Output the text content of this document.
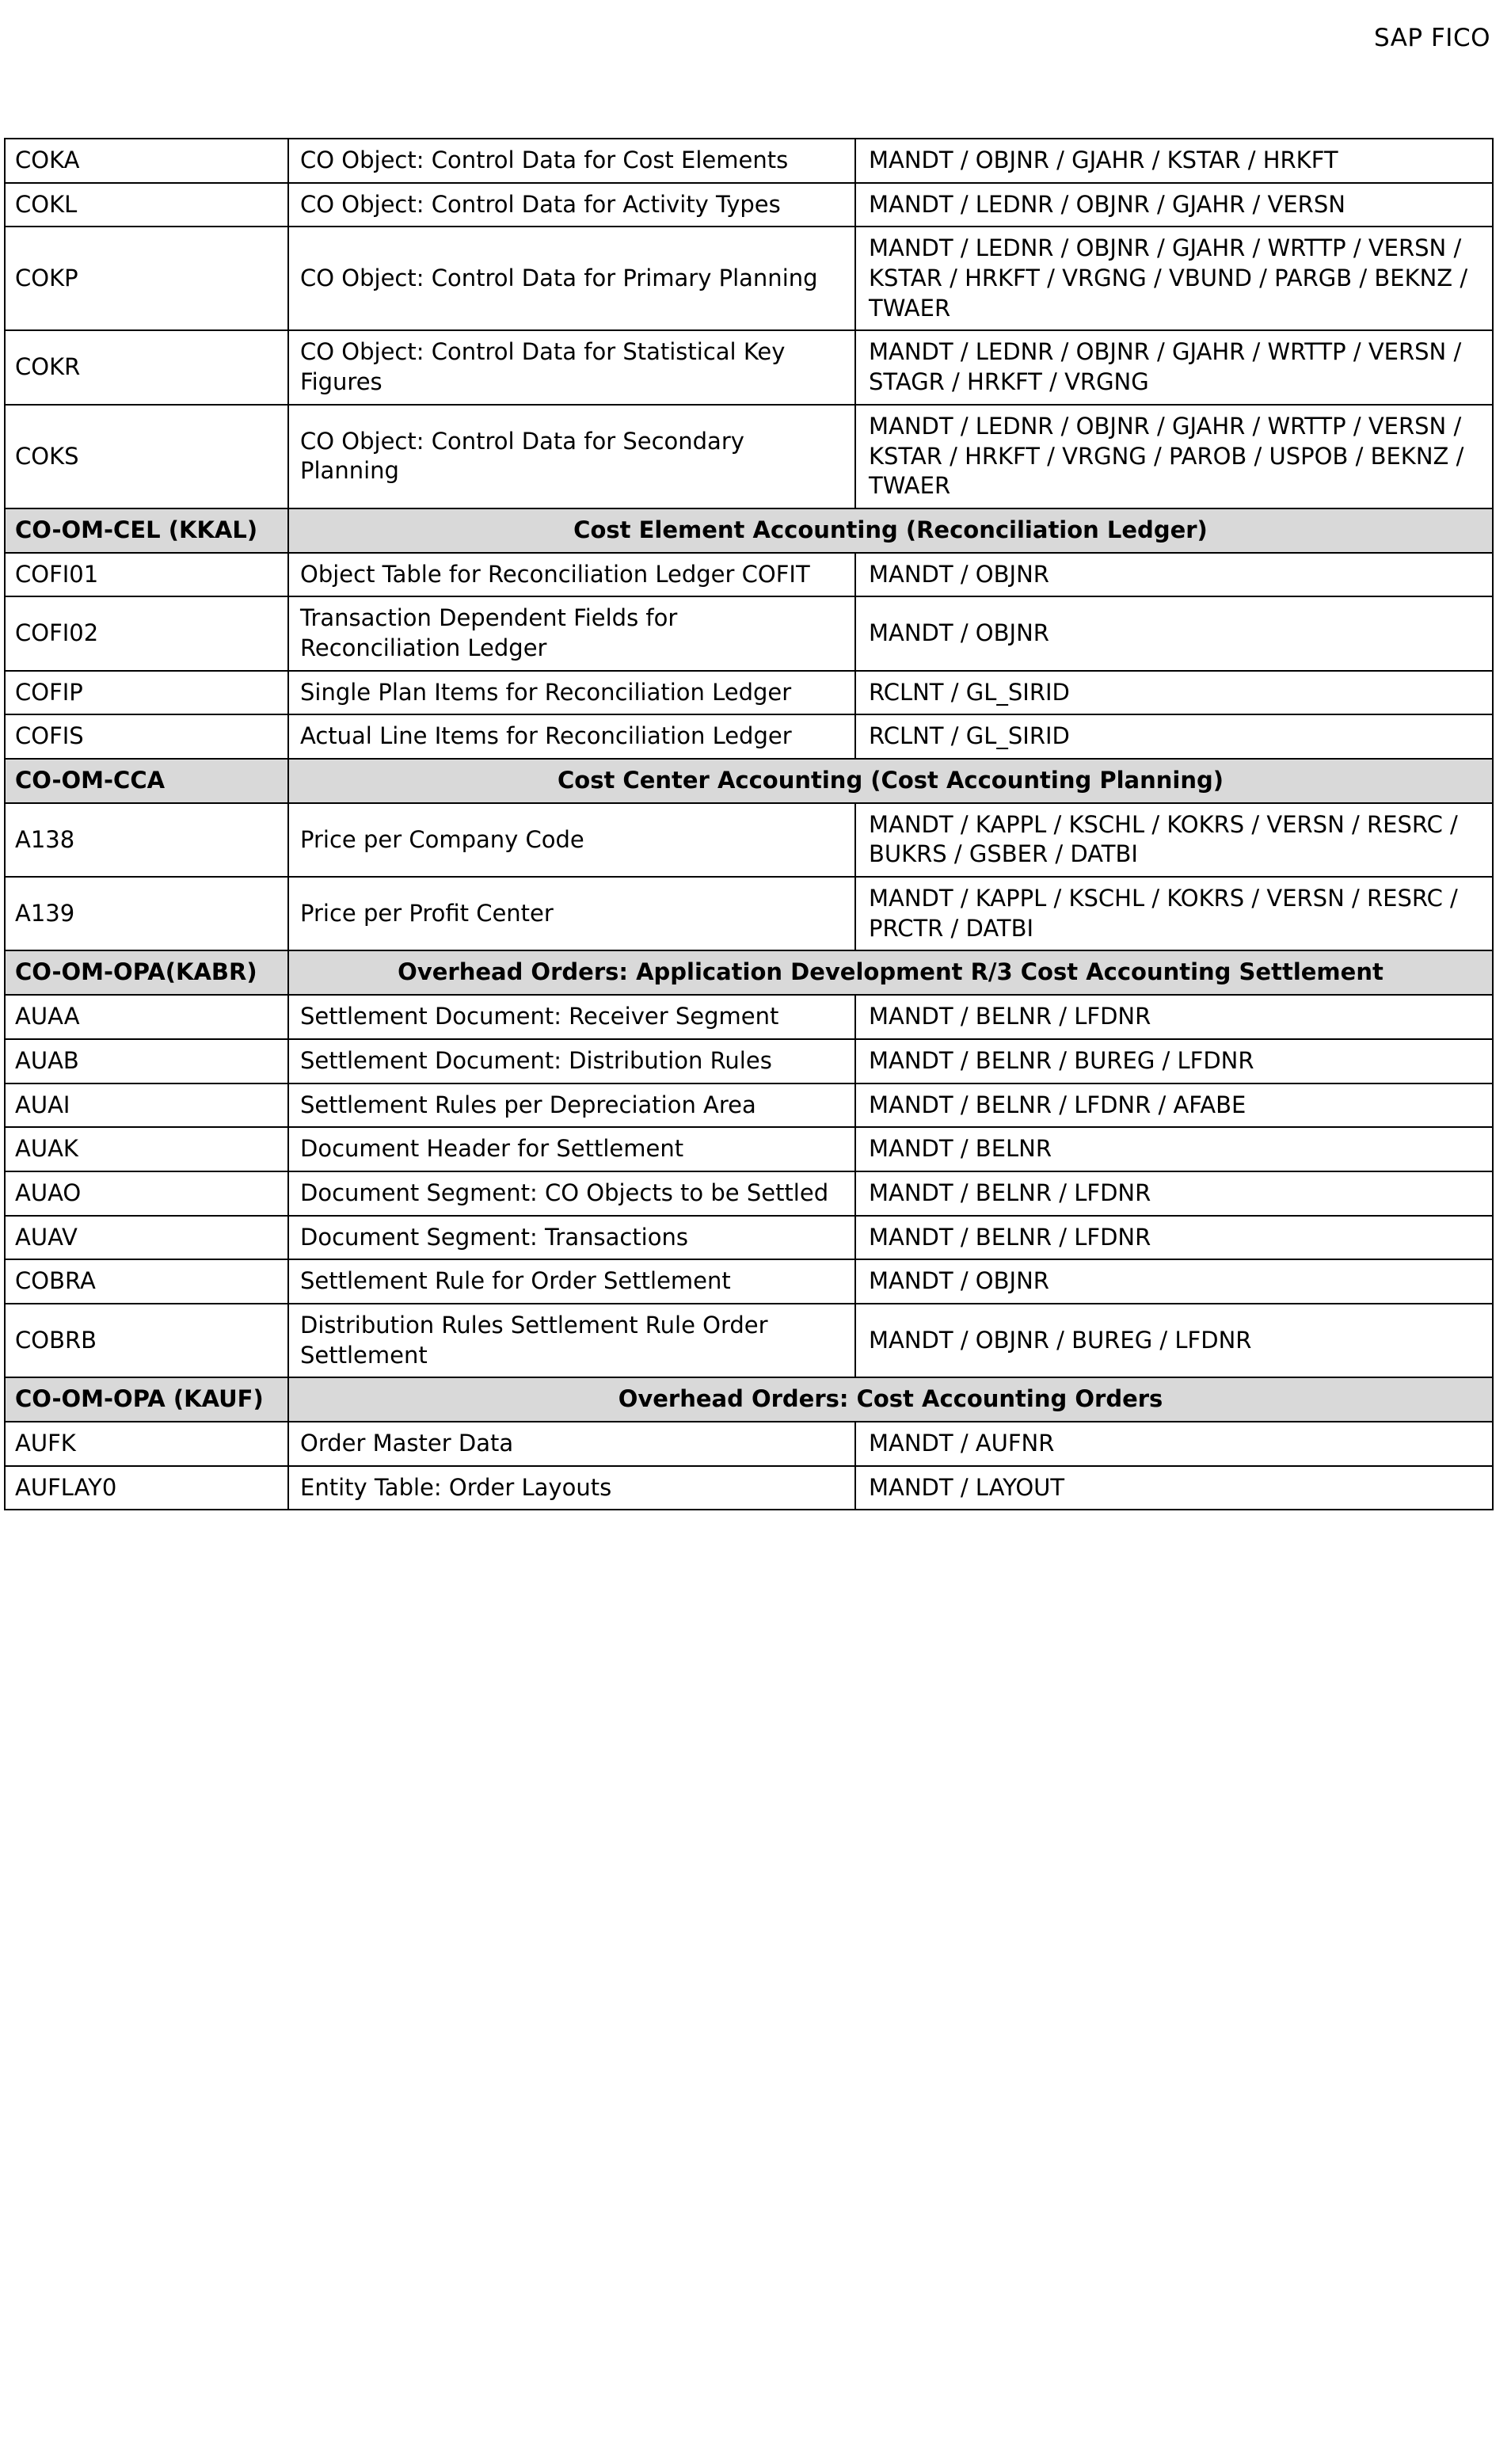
SAP FICO
COKA	CO Object: Control Data for Cost Elements	MANDT / OBJNR / GJAHR / KSTAR / HRKFT
COKL	CO Object: Control Data for Activity Types	MANDT / LEDNR / OBJNR / GJAHR / VERSN
COKP	CO Object: Control Data for Primary Planning	MANDT / LEDNR / OBJNR / GJAHR / WRTTP / VERSN / KSTAR / HRKFT / VRGNG / VBUND / PARGB / BEKNZ / TWAER
COKR	CO Object: Control Data for Statistical Key Figures	MANDT / LEDNR / OBJNR / GJAHR / WRTTP / VERSN / STAGR / HRKFT / VRGNG
COKS	CO Object: Control Data for Secondary Planning	MANDT / LEDNR / OBJNR / GJAHR / WRTTP / VERSN / KSTAR / HRKFT / VRGNG / PAROB / USPOB / BEKNZ / TWAER
CO-OM-CEL (KKAL)	Cost Element Accounting (Reconciliation Ledger)	
COFI01	Object Table for Reconciliation Ledger COFIT	MANDT / OBJNR
COFI02	Transaction Dependent Fields for Reconciliation Ledger	MANDT / OBJNR
COFIP	Single Plan Items for Reconciliation Ledger	RCLNT / GL_SIRID
COFIS	Actual Line Items for Reconciliation Ledger	RCLNT / GL_SIRID
CO-OM-CCA	Cost Center Accounting (Cost Accounting Planning)	
A138	Price per Company Code	MANDT / KAPPL / KSCHL / KOKRS / VERSN / RESRC / BUKRS / GSBER / DATBI
A139	Price per Profit Center	MANDT / KAPPL / KSCHL / KOKRS / VERSN / RESRC / PRCTR / DATBI
CO-OM-OPA(KABR)	Overhead Orders: Application Development R/3 Cost Accounting Settlement	
AUAA	Settlement Document: Receiver Segment	MANDT / BELNR / LFDNR
AUAB	Settlement Document: Distribution Rules	MANDT / BELNR / BUREG / LFDNR
AUAI	Settlement Rules per Depreciation Area	MANDT / BELNR / LFDNR / AFABE
AUAK	Document Header for Settlement	MANDT / BELNR
AUAO	Document Segment: CO Objects to be Settled	MANDT / BELNR / LFDNR
AUAV	Document Segment: Transactions	MANDT / BELNR / LFDNR
COBRA	Settlement Rule for Order Settlement	MANDT / OBJNR
COBRB	Distribution Rules Settlement Rule Order Settlement	MANDT / OBJNR / BUREG / LFDNR
CO-OM-OPA (KAUF)	Overhead Orders: Cost Accounting Orders	
AUFK	Order Master Data	MANDT / AUFNR
AUFLAY0	Entity Table: Order Layouts	MANDT / LAYOUT
